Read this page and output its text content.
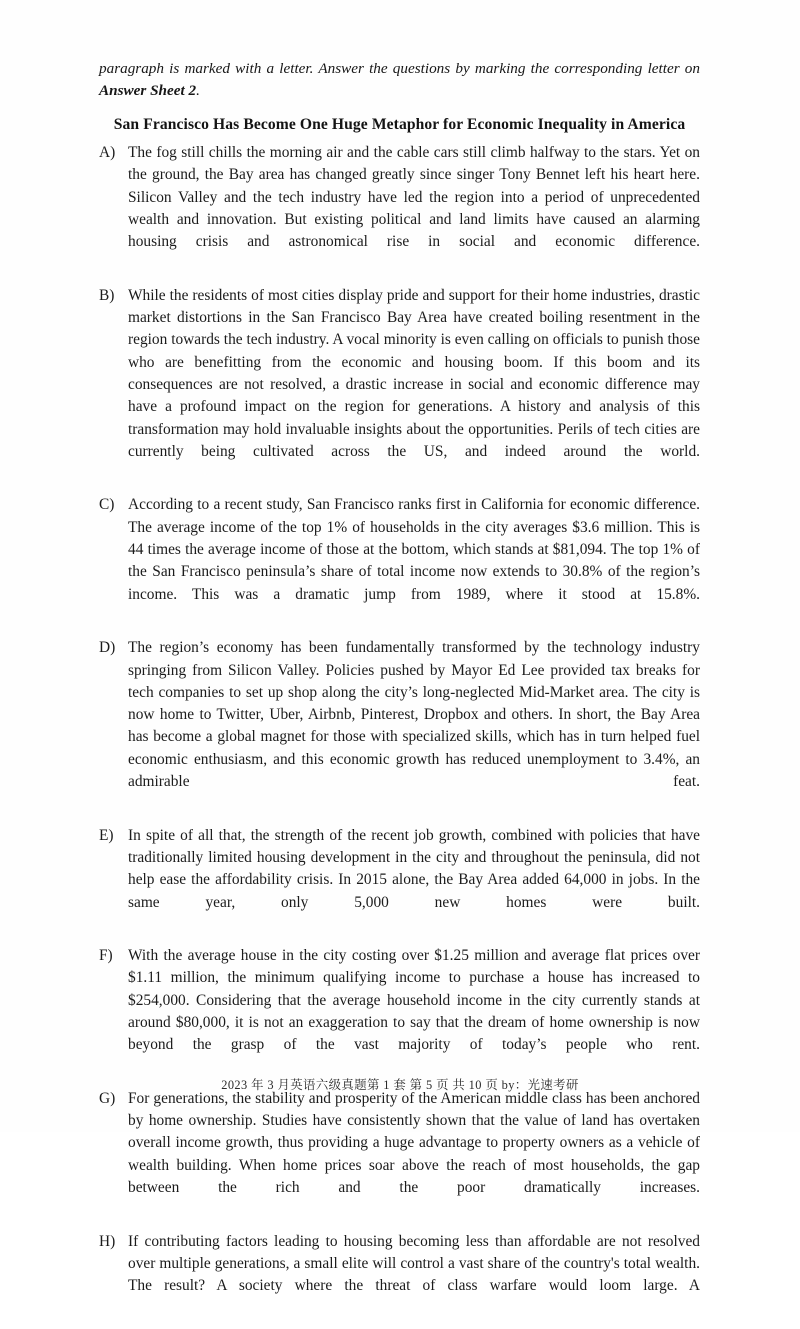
paragraph is marked with a letter. Answer the questions by marking the corresponding letter on Answer Sheet 2.

San Francisco Has Become One Huge Metaphor for Economic Inequality in America
A) The fog still chills the morning air and the cable cars still climb halfway to the stars. Yet on the ground, the Bay area has changed greatly since singer Tony Bennet left his heart here. Silicon Valley and the tech industry have led the region into a period of unprecedented wealth and innovation. But existing political and land limits have caused an alarming housing crisis and astronomical rise in social and economic difference.
B) While the residents of most cities display pride and support for their home industries, drastic market distortions in the San Francisco Bay Area have created boiling resentment in the region towards the tech industry. A vocal minority is even calling on officials to punish those who are benefitting from the economic and housing boom. If this boom and its consequences are not resolved, a drastic increase in social and economic difference may have a profound impact on the region for generations. A history and analysis of this transformation may hold invaluable insights about the opportunities. Perils of tech cities are currently being cultivated across the US, and indeed around the world.
C) According to a recent study, San Francisco ranks first in California for economic difference. The average income of the top 1% of households in the city averages $3.6 million. This is 44 times the average income of those at the bottom, which stands at $81,094. The top 1% of the San Francisco peninsula’s share of total income now extends to 30.8% of the region’s income. This was a dramatic jump from 1989, where it stood at 15.8%.
D) The region’s economy has been fundamentally transformed by the technology industry springing from Silicon Valley. Policies pushed by Mayor Ed Lee provided tax breaks for tech companies to set up shop along the city’s long-neglected Mid-Market area. The city is now home to Twitter, Uber, Airbnb, Pinterest, Dropbox and others. In short, the Bay Area has become a global magnet for those with specialized skills, which has in turn helped fuel economic enthusiasm, and this economic growth has reduced unemployment to 3.4%, an admirable feat.
E) In spite of all that, the strength of the recent job growth, combined with policies that have traditionally limited housing development in the city and throughout the peninsula, did not help ease the affordability crisis. In 2015 alone, the Bay Area added 64,000 in jobs. In the same year, only 5,000 new homes were built.
F) With the average house in the city costing over $1.25 million and average flat prices over $1.11 million, the minimum qualifying income to purchase a house has increased to $254,000. Considering that the average household income in the city currently stands at around $80,000, it is not an exaggeration to say that the dream of home ownership is now beyond the grasp of the vast majority of today’s people who rent.
G) For generations, the stability and prosperity of the American middle class has been anchored by home ownership. Studies have consistently shown that the value of land has overtaken overall income growth, thus providing a huge advantage to property owners as a vehicle of wealth building. When home prices soar above the reach of most households, the gap between the rich and the poor dramatically increases.
H) If contributing factors leading to housing becoming less than affordable are not resolved over multiple generations, a small elite will control a vast share of the country's total wealth. The result? A society where the threat of class warfare would loom large. A
2023 年 3 月英语六级真题第 1 套 第 5 页 共 10 页 by：光速考研
